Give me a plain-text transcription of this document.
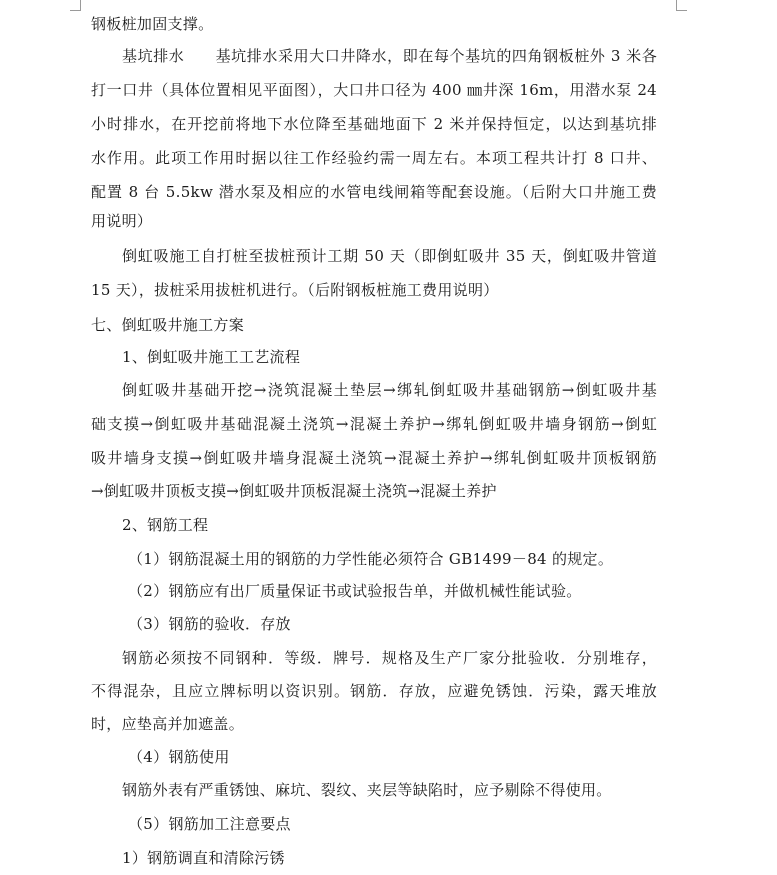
钢板桩加固支撑。
基坑排水　　基坑排水采用大口井降水，即在每个基坑的四角钢板桩外 3 米各
打一口井（具体位置相见平面图），大口井口径为 400 ㎜井深 16m，用潜水泵 24
小时排水，在开挖前将地下水位降至基础地面下 2 米并保持恒定，以达到基坑排
水作用。此项工作用时据以往工作经验约需一周左右。本项工程共计打 8 口井、
配置 8 台 5.5kw 潜水泵及相应的水管电线闸箱等配套设施。（后附大口井施工费
用说明）
倒虹吸施工自打桩至拔桩预计工期 50 天（即倒虹吸井 35 天，倒虹吸井管道
15 天），拔桩采用拔桩机进行。（后附钢板桩施工费用说明）
七、倒虹吸井施工方案
1、倒虹吸井施工工艺流程
倒虹吸井基础开挖→浇筑混凝土垫层→绑轧倒虹吸井基础钢筋→倒虹吸井基
础支摸→倒虹吸井基础混凝土浇筑→混凝土养护→绑轧倒虹吸井墙身钢筋→倒虹
吸井墙身支摸→倒虹吸井墙身混凝土浇筑→混凝土养护→绑轧倒虹吸井顶板钢筋
→倒虹吸井顶板支摸→倒虹吸井顶板混凝土浇筑→混凝土养护
2、钢筋工程
（1）钢筋混凝土用的钢筋的力学性能必须符合 GB1499－84 的规定。
（2）钢筋应有出厂质量保证书或试验报告单，并做机械性能试验。
（3）钢筋的验收．存放
钢筋必须按不同钢种．等级．牌号．规格及生产厂家分批验收．分别堆存，
不得混杂，且应立牌标明以资识别。钢筋．存放，应避免锈蚀．污染，露天堆放
时，应垫高并加遮盖。
（4）钢筋使用
钢筋外表有严重锈蚀、麻坑、裂纹、夹层等缺陷时，应予剔除不得使用。
（5）钢筋加工注意要点
1）钢筋调直和清除污锈
